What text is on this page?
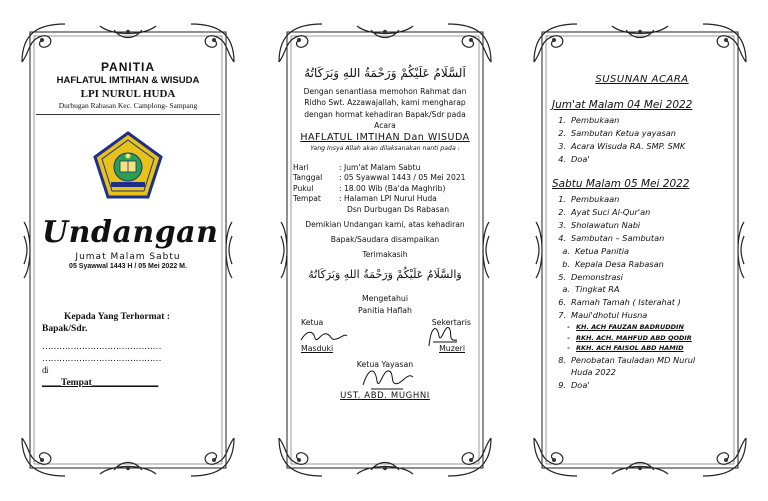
PANITIA
HAFLATUL IMTIHAN & WISUDA
LPI NURUL HUDA
Durbugan Rabasan Kec. Camplong- Sampang
Undangan
Jumat Malam Sabtu
05 Syawwal 1443 H / 05 Mei 2022 M.
Kepada Yang Terhormat :
Bapak/Sdr.
……………………………………
……………………………………
di
____Tempat______________
اَلسَّلَامُ عَلَيْكُمْ وَرَحْمَةُ اللهِ وَبَرَكَاتُهُ
Dengan senantiasa memohon Rahmat dan
Ridho Swt. Azzawajallah, kami mengharap
dengan hormat kehadiran Bapak/Sdr pada
Acara
HAFLATUL IMTIHAN Dan WISUDA
Yang Insya Allah akan dilaksanakan nanti pada :
Hari	: Jum'at Malam Sabtu
Tanggal	: 05 Syawwal 1443 / 05 Mei 2021
Pukul	: 18.00 Wib (Ba'da Maghrib)
Tempat	: Halaman LPI Nurul Huda
Dsn Durbugan Ds Rabasan
Demikian Undangan kami, atas kehadiran
Bapak/Saudara disampaikan
Terimakasih
وَالسَّلَامُ عَلَيْكُمْ وَرَحْمَةُ اللهِ وَبَرَكَاتُهُ
Mengetahui
Panitia Haflah
Ketua	Sekertaris
Masduki	Muzeri
Ketua Yayasan
UST. ABD. MUGHNI
SUSUNAN ACARA
Jum'at Malam 04 Mei 2022
1. Pembukaan
2. Sambutan Ketua yayasan
3. Acara Wisuda RA. SMP. SMK
4. Doa'
Sabtu Malam 05 Mei 2022
1. Pembukaan
2. Ayat Suci Al-Qur'an
3. Sholawatun Nabi
4. Sambutan – Sambutan
a. Ketua Panitia
b. Kepala Desa Rabasan
5. Demonstrasi
a. Tingkat RA
6. Ramah Tamah ( Isterahat )
7. Maui'dhotul Husna
- KH. ACH FAUZAN BADRUDDIN
- RKH. ACH. MAHFUD ABD QODIR
- RKH. ACH FAISOL ABD HAMID
8. Penobatan Tauladan MD Nurul
Huda 2022
9. Doa'
